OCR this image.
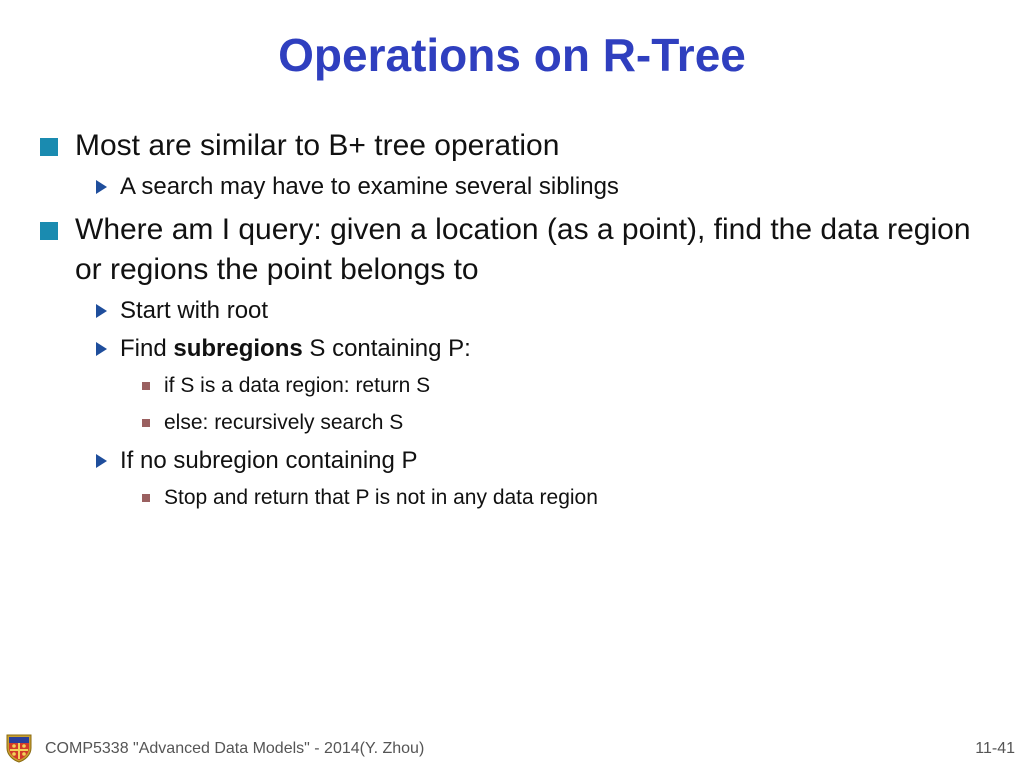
Operations on R-Tree
Most are similar to B+ tree operation
A search may have to examine several siblings
Where am I query: given a location (as a point), find the data region or regions the point belongs to
Start with root
Find subregions S containing P:
if S is a data region: return S
else: recursively search S
If no subregion containing P
Stop and return that P is not in any data region
COMP5338 "Advanced Data Models" - 2014(Y. Zhou)	11-41
